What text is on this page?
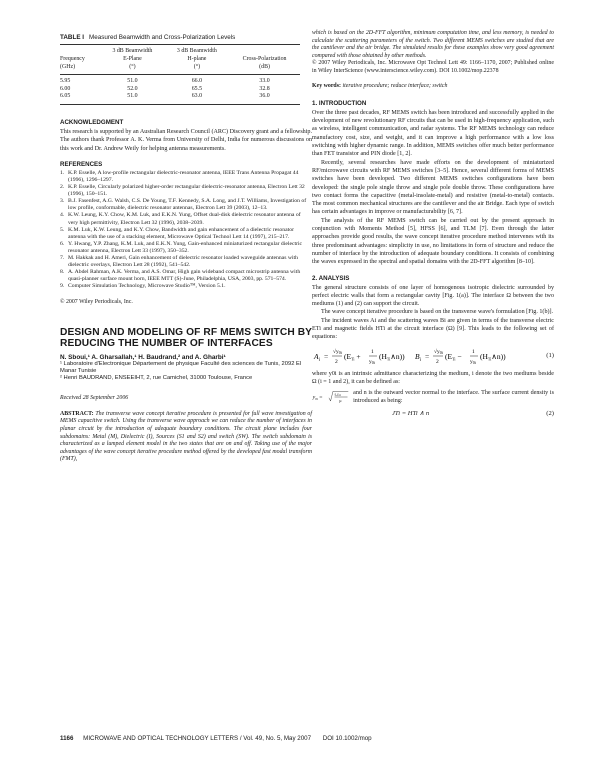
TABLE I Measured Beamwidth and Cross-Polarization Levels

	3 dB Beamwidth	3 dB Beamwidth	
Frequency	E-Plane	H-plane	Cross-Polarization
(GHz)	(°)	(°)	(dB)
5.95	51.0	66.0	33.0
6.00	52.0	65.5	32.8
6.05	51.0	63.0	36.0

ACKNOWLEDGMENT

This research is supported by an Australian Research Council (ARC) Discovery grant and a fellowship. The authors thank Professor A. K. Verma from University of Delhi, India for numerous discussions on this work and Dr. Andrew Weily for helping antenna measurements.

REFERENCES

1. K.P. Esselle, A low-profile rectangular dielectric-resonator antenna, IEEE Trans Antenna Propagat 44 (1996), 1296–1297.
2. K.P. Esselle, Circularly polarized higher-order rectangular dielectric-resonator antenna, Electron Lett 32 (1996), 150–151.
3. B.J. Fasenfest, A.G. Walsh, C.S. De Young, T.F. Kennedy, S.A. Long, and J.T. Williams, Investigation of low profile, conformable, dielectric resonator antennas, Electron Lett 39 (2003), 12–13.
4. K.W. Leung, K.Y. Chow, K.M. Luk, and E.K.N. Yung, Offset dual-disk dielectric resonator antenna of very high permittivity, Electron Lett 32 (1996), 2038–2039.
5. K.M. Luk, K.W. Leung, and K.Y. Chow, Bandwidth and gain enhancement of a dielectric resonator antenna with the use of a stacking element, Microwave Optical Technol Lett 14 (1997), 215–217.
6. Y. Hwang, Y.P. Zhang, K.M. Luk, and E.K.N. Yung, Gain-enhanced miniaturized rectangular dielectric resonator antenna, Electron Lett 33 (1997), 350–352.
7. M. Hakkak and H. Ameri, Gain enhancement of dielectric resonator loaded waveguide antennas with dielectric overlays, Electron Lett 28 (1992), 541–542.
8. A. Abdel Rahman, A.K. Verma, and A.S. Omar, High gain wideband compact microstrip antenna with quasi-planner surface mount horn, IEEE MTT (S)-June, Philadelphia, USA, 2003, pp. 571–574.
9. Computer Simulation Technology, Microwave Studio™, Version 5.1.

© 2007 Wiley Periodicals, Inc.

DESIGN AND MODELING OF RF MEMS SWITCH BY REDUCING THE NUMBER OF INTERFACES

N. Sboui,¹ A. Gharsallah,¹ H. Baudrand,² and A. Gharbi¹

¹ Laboratoire d'Electronique Département de physique Faculté des sciences de Tunis, 2092 El Manar Tunisie

² Henri BAUDRAND, ENSEEIHT, 2, rue Camichel, 31000 Toulouse, France

Received 28 September 2006

ABSTRACT: The transverse wave concept iterative procedure is presented for full wave investigation of MEMS capacitive switch. Using the transverse wave approach we can reduce the number of interfaces in planar circuit by the introduction of adequate boundary conditions. The circuit plane includes four subdomains: Metal (M), Dielectric (I), Sources (S1 and S2) and switch (SW). The switch subdomain is characterized as a lumped element model in the two states that are on and off. Taking use of the major advantages of the wave concept iterative procedure method offered by the developed fast modal transform (FMT),

which is based on the 2D-FFT algorithm, minimum computation time, and less memory, is needed to calculate the scattering parameters of the switch. Two different MEMS switches are studied that are the cantilever and the air bridge. The simulated results for these examples show very good agreement compared with those obtained by other methods.

© 2007 Wiley Periodicals, Inc. Microwave Opt Technol Lett 49: 1166–1170, 2007; Published online in Wiley InterScience (www.interscience.wiley.com). DOI 10.1002/mop.22378

Key words: iterative procedure; reduce interface; switch

1. INTRODUCTION

Over the three past decades, RF MEMS switch has been introduced and successfully applied in the development of new revolutionary RF circuits that can be used in high-frequency application, such as wireless, intelligent communication, and radar systems. The RF MEMS technology can reduce manufactory cost, size, and weight, and it can improve a high performance with a low loss switching with higher dynamic range. In addition, MEMS switches offer much better performance than FET transistor and PIN diode [1, 2].

Recently, several researches have made efforts on the development of miniaturized RF/microwave circuits with RF MEMS switches [3–5]. Hence, several different forms of MEMS switches have been developed. Two different MEMS switches configurations have been developed: the single pole single throw and single pole double throw. These configurations have two contact forms the capacitive (metal-insolate-metal) and resistive (metal-to-metal) contacts. The most common mechanical structures are the cantilever and the air Bridge. Each type of switch has certain advantages in improve or manufacturability [6, 7].

The analysis of the RF MEMS switch can be carried out by the present approach in conjunction with Moments Method [5], HFSS [6], and TLM [7]. Even through the latter approaches provide good results, the wave concept iterative procedure method intervenes with its three predominant advantages: simplicity in use, no limitations in form of structure and reduce the number of interface by the introduction of adequate boundary conditions. It consists of combining the waves expressed in the spectral and spatial domains with the 2D-FFT algorithm [8–10].

2. ANALYSIS

The general structure consists of one layer of homogenous isotropic dielectric surrounded by perfect electric walls that form a rectangular cavity [Fig. 1(a)]. The interface Ω between the two mediums (1) and (2) can support the circuit.

The wave concept iterative procedure is based on the transverse wave's formulation [Fig. 1(b)].

The incident waves Ai and the scattering waves Bi are given in terms of the transverse electric ETi and magnetic fields HTi at the circuit interface (Ω) [9]. This leads to the following set of equations:

$A_i = √y0i$
2
($E_{Ti} + 1$
y0i
$(H_{Ti}\wedge n)$) $B_i = √y0i$
2
($E_{Ti} - 1$
y0i
$(H_{Ti}\wedge n)$)	(1)

where y0i is an intrinsic admittance characterizing the medium, i denote the two mediums beside Ω (i = 1 and 2), it can be defined as:

$y_{0i}$ =
$\varepsilon_0\varepsilon_{ri}$
μ

and n is the outward vector normal to the interface. The surface current density is introduced as being:

JTi = HTi ∧ n	(2)
1166 MICROWAVE AND OPTICAL TECHNOLOGY LETTERS / Vol. 49, No. 5, May 2007 DOI 10.1002/mop
